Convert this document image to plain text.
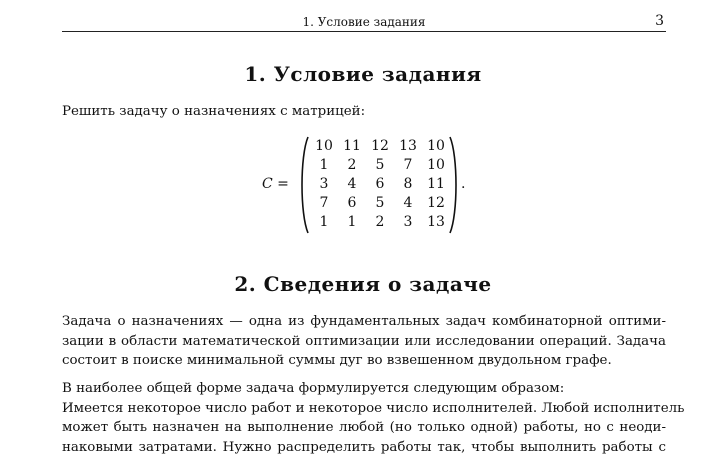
1. Условие задания	3
1. Условие задания

Решить задачу о назначениях с матрицей:

C =
10 11 12 13 10
1	2	5	7	10
3	4	6	8	11
7	6	5	4	12
1	1	2	3	13
.
2. Сведения о задаче

Задача о назначениях — одна из фундаментальных задач комбинаторной оптими-
зации в области математической оптимизации или исследовании операций. Задача
состоит в поиске минимальной суммы дуг во взвешенном двудольном графе.

В наиболее общей форме задача формулируется следующим образом:
Имеется некоторое число работ и некоторое число исполнителей. Любой исполнитель
может быть назначен на выполнение любой (но только одной) работы, но с неоди-
наковыми затратами. Нужно распределить работы так, чтобы выполнить работы с
